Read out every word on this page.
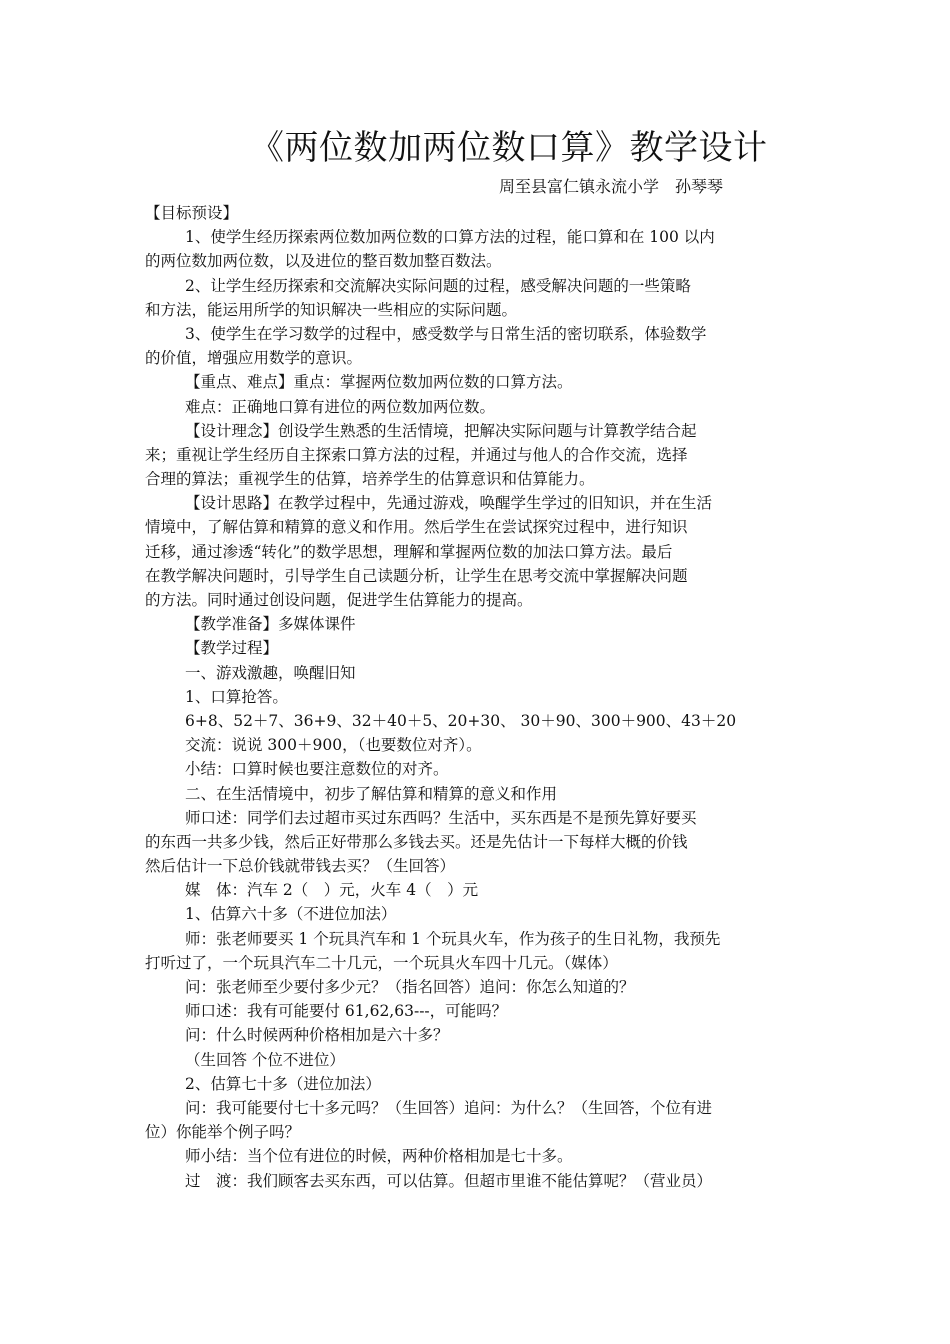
《两位数加两位数口算》教学设计
周至县富仁镇永流小学　孙琴琴
【目标预设】
1、使学生经历探索两位数加两位数的口算方法的过程，能口算和在 100 以内
的两位数加两位数，以及进位的整百数加整百数法。
2、让学生经历探索和交流解决实际问题的过程，感受解决问题的一些策略
和方法，能运用所学的知识解决一些相应的实际问题。
3、使学生在学习数学的过程中，感受数学与日常生活的密切联系，体验数学
的价值，增强应用数学的意识。
【重点、难点】重点：掌握两位数加两位数的口算方法。
难点：正确地口算有进位的两位数加两位数。
【设计理念】创设学生熟悉的生活情境，把解决实际问题与计算教学结合起
来；重视让学生经历自主探索口算方法的过程，并通过与他人的合作交流，选择
合理的算法；重视学生的估算，培养学生的估算意识和估算能力。
【设计思路】在教学过程中，先通过游戏，唤醒学生学过的旧知识，并在生活
情境中，了解估算和精算的意义和作用。然后学生在尝试探究过程中，进行知识
迁移，通过渗透“转化”的数学思想，理解和掌握两位数的加法口算方法。最后
在教学解决问题时，引导学生自己读题分析，让学生在思考交流中掌握解决问题
的方法。同时通过创设问题，促进学生估算能力的提高。
【教学准备】多媒体课件
【教学过程】
一、游戏激趣，唤醒旧知
1、口算抢答。
6+8、52＋7、36+9、32＋40＋5、20+30、 30＋90、300＋900、43＋20
交流：说说 300＋900，（也要数位对齐）。
小结：口算时候也要注意数位的对齐。
二、在生活情境中，初步了解估算和精算的意义和作用
师口述：同学们去过超市买过东西吗？生活中，买东西是不是预先算好要买
的东西一共多少钱，然后正好带那么多钱去买。还是先估计一下每样大概的价钱
然后估计一下总价钱就带钱去买？（生回答）
媒　体：汽车 2（　）元，火车 4（　）元
1、估算六十多（不进位加法）
师：张老师要买 1 个玩具汽车和 1 个玩具火车，作为孩子的生日礼物，我预先
打听过了，一个玩具汽车二十几元，一个玩具火车四十几元。（媒体）
问：张老师至少要付多少元？（指名回答）追问：你怎么知道的？
师口述：我有可能要付 61,62,63---，可能吗？
问：什么时候两种价格相加是六十多？
（生回答 个位不进位）
2、估算七十多（进位加法）
问：我可能要付七十多元吗？（生回答）追问：为什么？（生回答，个位有进
位）你能举个例子吗？
师小结：当个位有进位的时候，两种价格相加是七十多。
过　渡：我们顾客去买东西，可以估算。但超市里谁不能估算呢？（营业员）
